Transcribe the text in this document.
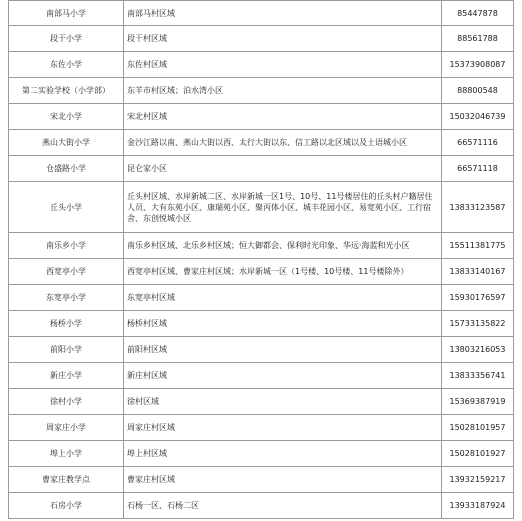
南部马小学	南部马村区域	85447878
段干小学	段干村区域	88561788
东佐小学	东佐村区域	15373908087
第二实验学校（小学部）	东羊市村区域；泊水湾小区	88800548
宋北小学	宋北村区域	15032046739
燕山大街小学	金沙江路以南、燕山大街以西、太行大街以东、信工路以北区域以及土语城小区	66571116
仓盛路小学	昆仑家小区	66571118
丘头小学	丘头村区域、水岸新城二区、水岸新城一区1号、10号、11号楼居住的丘头村户籍居住人员、大有东苑小区、康瑞苑小区、聚丙体小区、城丰花园小区、易宽苑小区、工行宿舍、东创悦城小区	13833123587
南乐乡小学	南乐乡村区域、北乐乡村区域；恒大御都会、保利时光印象、华远·海蓝和光小区	15511381775
西宽亭小学	西宽亭村区域、曹家庄村区域；水岸新城一区（1号楼、10号楼、11号楼除外）	13833140167
东宽亭小学	东宽亭村区域	15930176597
杨桥小学	杨桥村区域	15733135822
前阳小学	前阳村区域	13803216053
新庄小学	新庄村区域	13833356741
徐村小学	徐村区域	15369387919
周家庄小学	周家庄村区域	15028101957
埠上小学	埠上村区域	15028101927
曹家庄教学点	曹家庄村区域	13932159217
石房小学	石杨一区、石杨二区	13933187924
